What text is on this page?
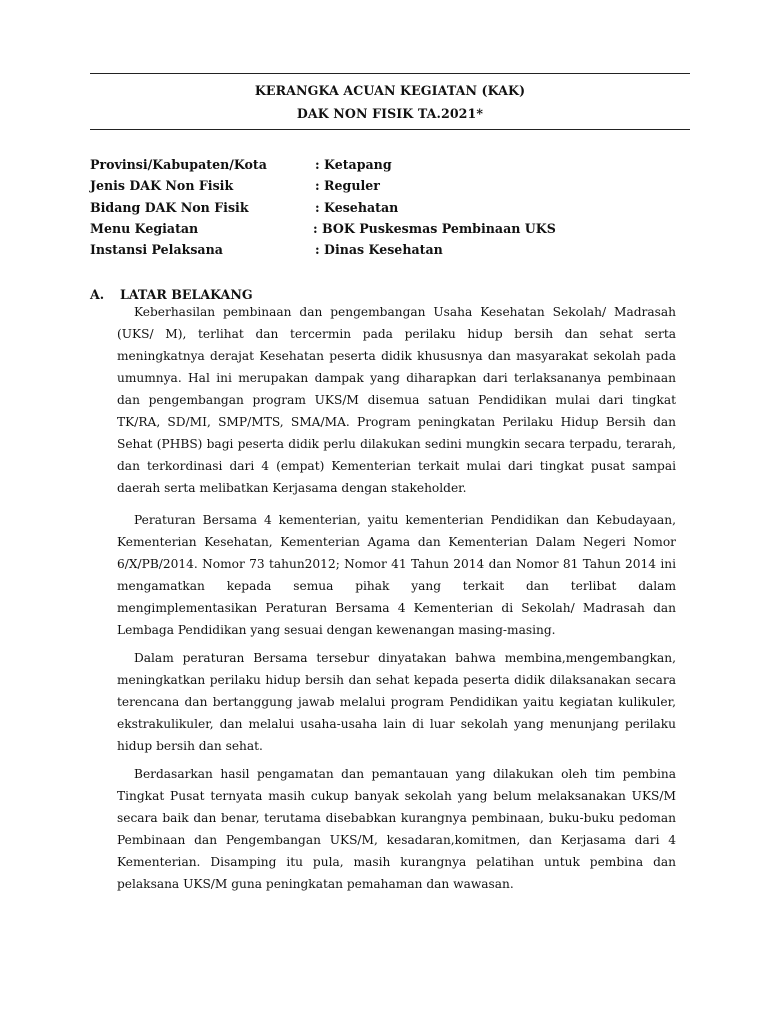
KERANGKA ACUAN KEGIATAN (KAK)
DAK NON FISIK TA.2021*
Provinsi/Kabupaten/Kota	: Ketapang
Jenis DAK Non Fisik	: Reguler
Bidang DAK Non Fisik	: Kesehatan
Menu Kegiatan	: BOK Puskesmas Pembinaan UKS
Instansi Pelaksana	: Dinas Kesehatan
A. LATAR BELAKANG

Keberhasilan pembinaan dan pengembangan Usaha Kesehatan Sekolah/ Madrasah (UKS/ M), terlihat dan tercermin pada perilaku hidup bersih dan sehat serta meningkatnya derajat Kesehatan peserta didik khususnya dan masyarakat sekolah pada umumnya. Hal ini merupakan dampak yang diharapkan dari terlaksananya pembinaan dan pengembangan program UKS/M disemua satuan Pendidikan mulai dari tingkat TK/RA, SD/MI, SMP/MTS, SMA/MA. Program peningkatan Perilaku Hidup Bersih dan Sehat (PHBS) bagi peserta didik perlu dilakukan sedini mungkin secara terpadu, terarah, dan terkordinasi dari 4 (empat) Kementerian terkait mulai dari tingkat pusat sampai daerah serta melibatkan Kerjasama dengan stakeholder.

Peraturan Bersama 4 kementerian, yaitu kementerian Pendidikan dan Kebudayaan, Kementerian Kesehatan, Kementerian Agama dan Kementerian Dalam Negeri Nomor 6/X/PB/2014. Nomor 73 tahun2012; Nomor 41 Tahun 2014 dan Nomor 81 Tahun 2014 ini mengamatkan kepada semua pihak yang terkait dan terlibat dalam mengimplementasikan Peraturan Bersama 4 Kementerian di Sekolah/ Madrasah dan Lembaga Pendidikan yang sesuai dengan kewenangan masing-masing.

Dalam peraturan Bersama tersebur dinyatakan bahwa membina,mengembangkan, meningkatkan perilaku hidup bersih dan sehat kepada peserta didik dilaksanakan secara terencana dan bertanggung jawab melalui program Pendidikan yaitu kegiatan kulikuler, ekstrakulikuler, dan melalui usaha-usaha lain di luar sekolah yang menunjang perilaku hidup bersih dan sehat.

Berdasarkan hasil pengamatan dan pemantauan yang dilakukan oleh tim pembina Tingkat Pusat ternyata masih cukup banyak sekolah yang belum melaksanakan UKS/M secara baik dan benar, terutama disebabkan kurangnya pembinaan, buku-buku pedoman Pembinaan dan Pengembangan UKS/M, kesadaran,komitmen, dan Kerjasama dari 4 Kementerian. Disamping itu pula, masih kurangnya pelatihan untuk pembina dan pelaksana UKS/M guna peningkatan pemahaman dan wawasan.
